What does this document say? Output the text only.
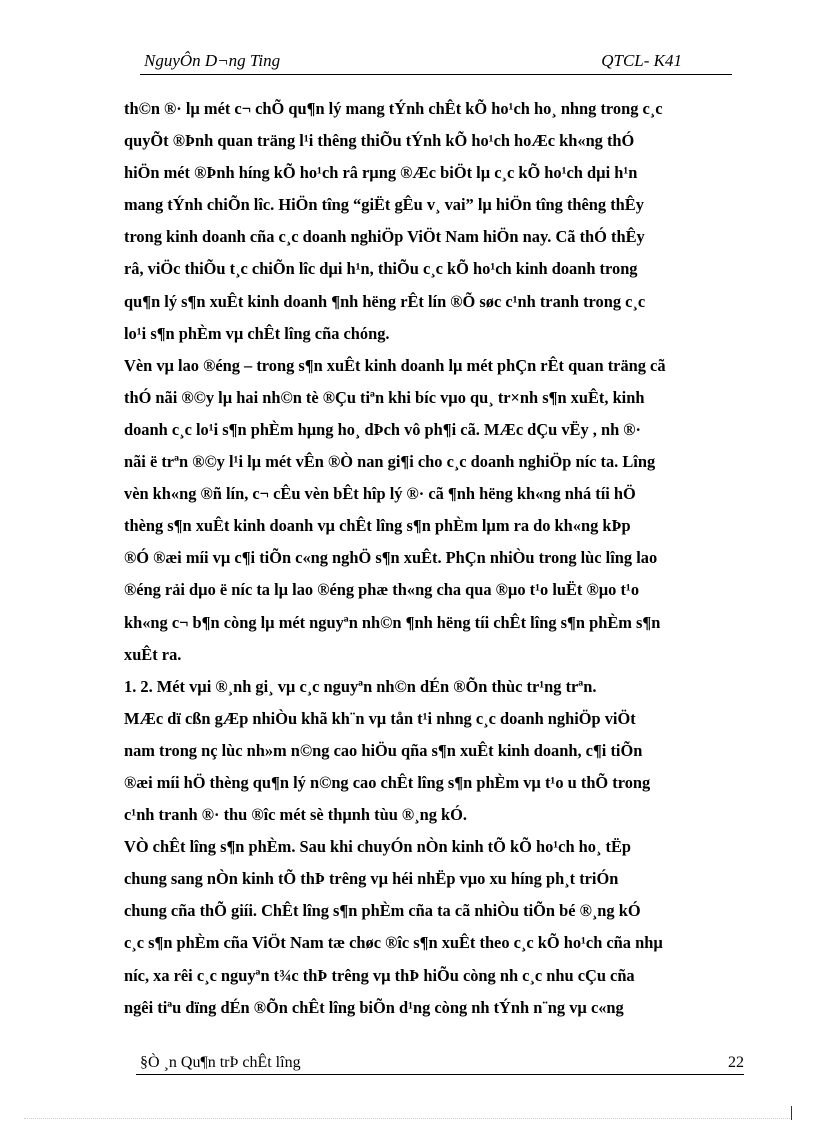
NguyÔn D¬ng Ting	QTCL- K41
th©n ®· lµ mét c¬ chÕ qu¶n lý mang tÝnh chÊt kÕ ho¹ch ho¸ nhng trong c¸c
quyÕt ®Þnh quan träng l¹i thêng thiÕu tÝnh kÕ ho¹ch hoÆc kh«ng thÓ
hiÖn mét ®Þnh híng kÕ ho¹ch râ rµng ®Æc biÖt lµ c¸c kÕ ho¹ch dµi h¹n
mang tÝnh chiÕn lîc. HiÖn tîng “giËt gÊu v¸ vai” lµ hiÖn tîng thêng thÊy
trong kinh doanh cña c¸c doanh nghiÖp ViÖt Nam hiÖn nay. Cã thÓ thÊy
râ, viÖc thiÕu t¸c chiÕn lîc dµi h¹n, thiÕu c¸c kÕ ho¹ch kinh doanh trong
qu¶n lý s¶n xuÊt kinh doanh ¶nh hëng rÊt lín ®Õ søc c¹nh tranh trong c¸c
lo¹i s¶n phÈm vµ chÊt lîng cña chóng.
Vèn vµ lao ®éng – trong s¶n xuÊt kinh doanh lµ mét phÇn rÊt quan träng cã
thÓ nãi ®©y lµ hai nh©n tè ®Çu tiªn khi bíc vµo qu¸ tr×nh s¶n xuÊt, kinh
doanh c¸c lo¹i s¶n phÈm hµng ho¸ dÞch vô ph¶i cã. MÆc dÇu vËy , nh ®·
nãi ë trªn ®©y l¹i lµ mét vÊn ®Ò nan gi¶i cho c¸c doanh nghiÖp níc ta. Lîng
vèn kh«ng ®ñ lín, c¬ cÊu vèn bÊt hîp lý ®· cã ¶nh hëng kh«ng nhá tíi hÖ
thèng s¶n xuÊt kinh doanh vµ chÊt lîng s¶n phÈm lµm ra do kh«ng kÞp
®Ó ®æi míi vµ c¶i tiÕn c«ng nghÖ s¶n xuÊt. PhÇn nhiÒu trong lùc lîng lao
®éng rải dµo ë níc ta lµ lao ®éng phæ th«ng cha qua ®µo t¹o luËt ®µo t¹o
kh«ng c¬ b¶n còng lµ mét nguyªn nh©n ¶nh hëng tíi chÊt lîng s¶n phÈm s¶n
xuÊt ra.
1. 2. Mét vµi ®¸nh gi¸ vµ c¸c nguyªn nh©n dÉn ®Õn thùc tr¹ng trªn.
MÆc dï cßn gÆp nhiÒu khã kh¨n vµ tån t¹i nhng c¸c doanh nghiÖp viÖt
nam trong nç lùc nh»m n©ng cao hiÖu qña s¶n xuÊt kinh doanh, c¶i tiÕn
®æi míi hÖ thèng qu¶n lý n©ng cao chÊt lîng s¶n phÈm vµ t¹o u thÕ trong
c¹nh tranh ®· thu ®îc mét sè thµnh tùu ®¸ng kÓ.
VÒ chÊt lîng s¶n phÈm. Sau khi chuyÓn nÒn kinh tÕ kÕ ho¹ch ho¸ tËp
chung sang nÒn kinh tÕ thÞ trêng vµ héi nhËp vµo xu híng ph¸t triÓn
chung cña thÕ giíi. ChÊt lîng s¶n phÈm cña ta cã nhiÒu tiÕn bé ®¸ng kÓ
c¸c s¶n phÈm cña ViÖt Nam tæ chøc ®îc s¶n xuÊt theo c¸c kÕ ho¹ch cña nhµ
níc, xa rêi c¸c nguyªn t¾c thÞ trêng vµ thÞ hiÕu còng nh c¸c nhu cÇu cña
ngêi tiªu dïng dÉn ®Õn chÊt lîng biÕn d¹ng còng nh tÝnh n¨ng vµ c«ng
§Ò ¸n Qu¶n trÞ chÊt lîng	22
